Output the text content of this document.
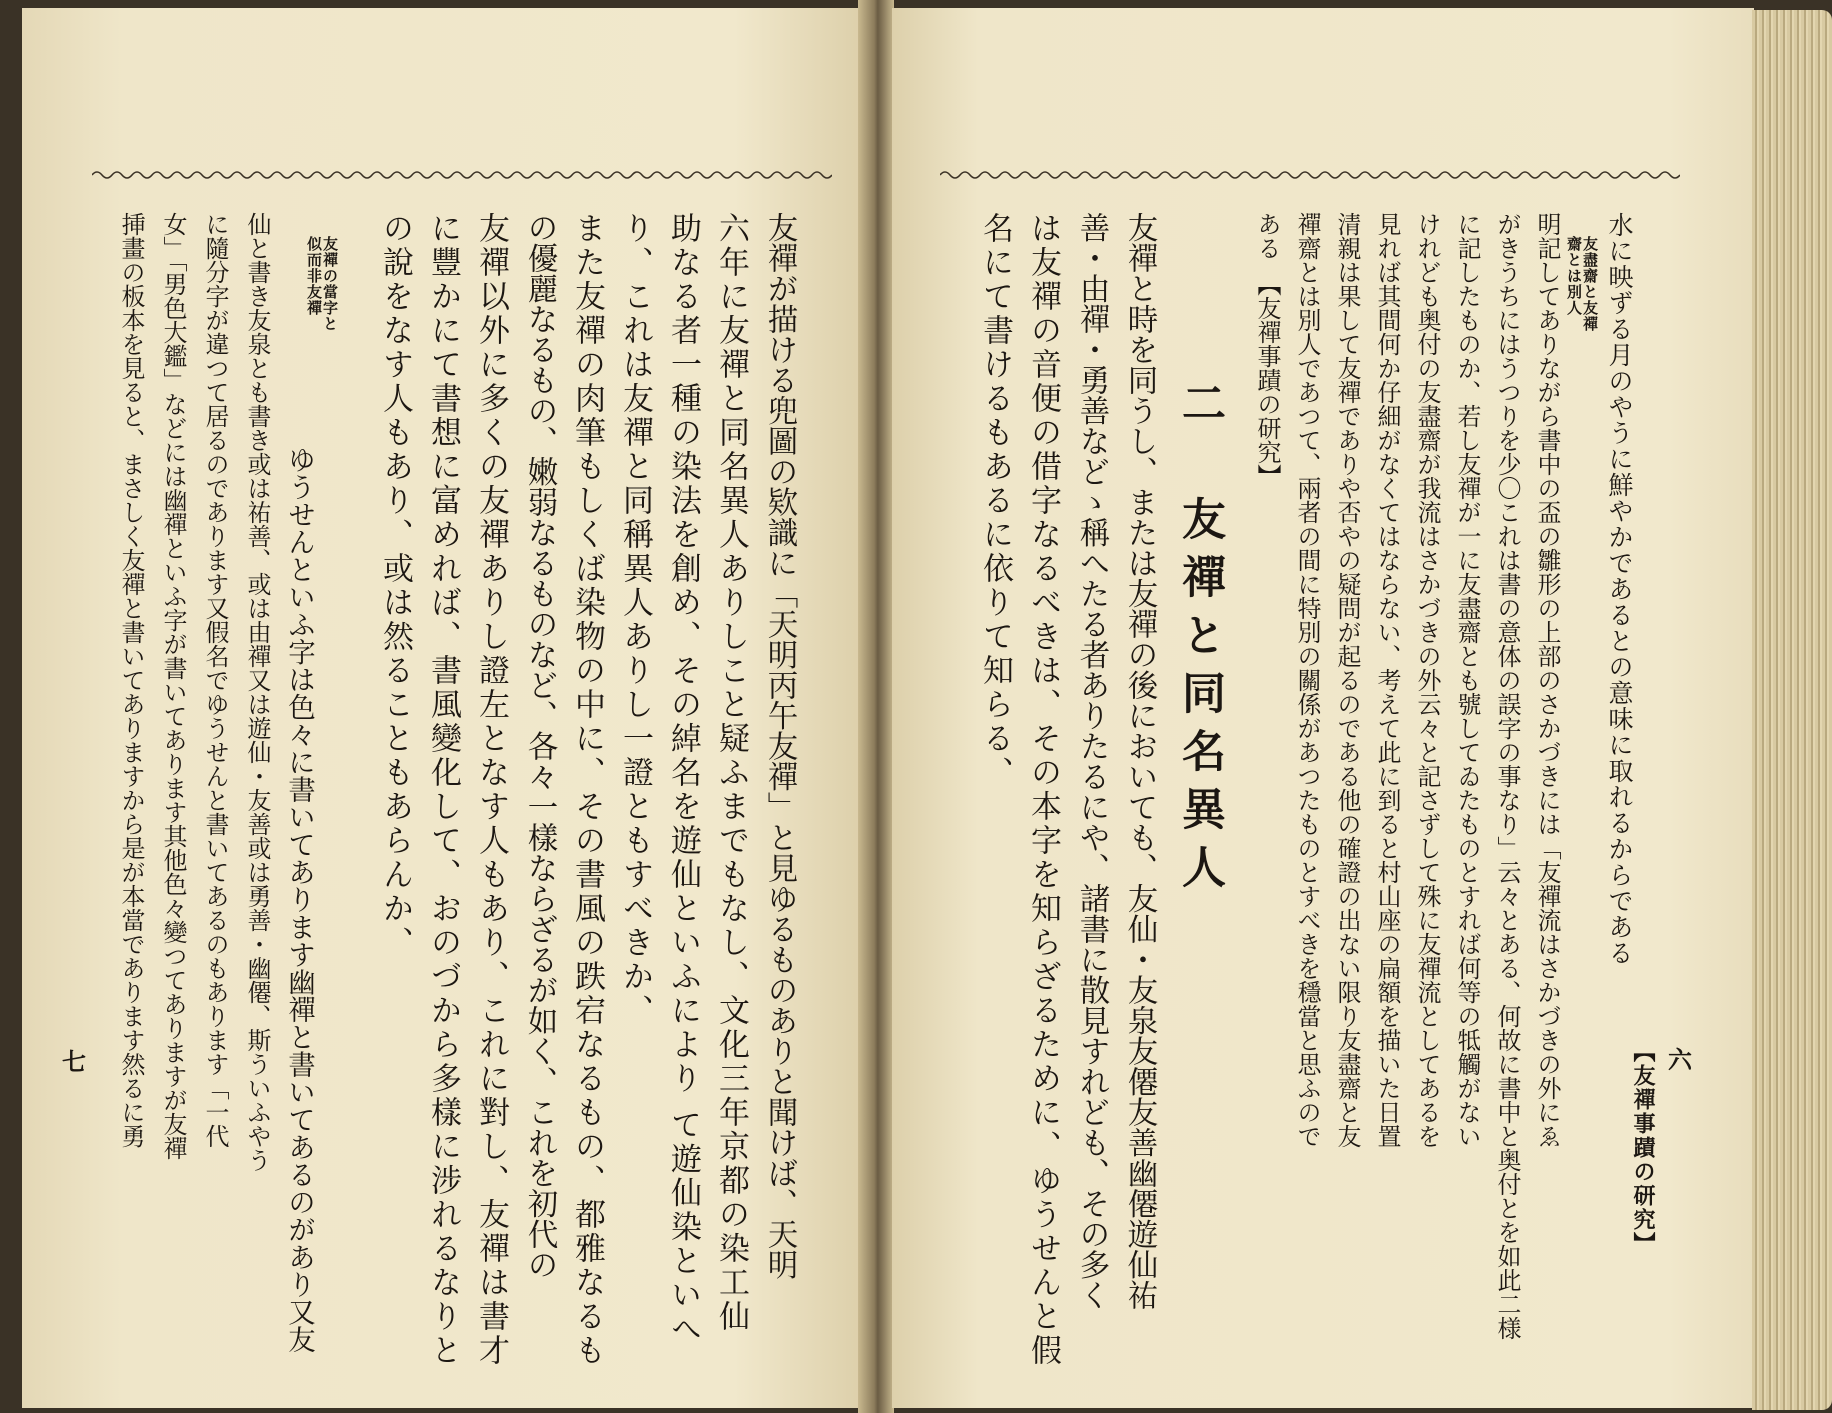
友禪が描ける兜圖の欵識に「天明丙午友禪」と見ゆるものありと聞けば、天明
六年に友禪と同名異人ありしこと疑ふまでもなし、文化三年京都の染工仙
助なる者一種の染法を創め、その綽名を遊仙といふにより て遊仙染といへ
り、これは友禪と同稱異人ありし一證ともすべきか、
また友禪の肉筆もしくば染物の中に、その書風の跌宕なるもの、都雅なるも
の優麗なるもの、嫩弱なるものなど、各々一樣ならざるが如く、これを初代の
友禪以外に多くの友禪ありし證左となす人もあり、これに對し、友禪は書才
に豐かにて書想に富めれば、書風變化して、おのづから多樣に涉れるなりと
の說をなす人もあり、或は然ることもあらんか、
友禪の當字と似而非友禪
　ゆうせんといふ字は色々に書いてあります幽禪と書いてあるのがあり又友
仙と書き友泉とも書き或は祐善、或は由禪又は遊仙・友善或は勇善・幽僊、斯ういふやう
に隨分字が違つて居るのであります又假名でゆうせんと書いてあるのもあります「一代
女」「男色大鑑」などには幽禪といふ字が書いてあります其他色々變つてありますが友禪
挿畫の板本を見ると、まさしく友禪と書いてありますから是が本當であります然るに勇
七	六
【友禪事蹟の研究】
水に映ずる月のやうに鮮やかであるとの意味に取れるからである
友盡齋と友禪齋とは別人
明記してありながら書中の盃の雛形の上部のさかづきには「友禪流はさかづきの外にゑ
がきうちにはうつりを少〇これは書の意体の誤字の事なり」云々とある、何故に書中と奥付とを如此二様
に記したものか、若し友禪が一に友盡齋とも號してゐたものとすれば何等の牴觸がない
けれども奥付の友盡齋が我流はさかづきの外云々と記さずして殊に友禪流としてあるを
見れば其間何か仔細がなくてはならない、考えて此に到ると村山座の扁額を描いた日置
清親は果して友禪でありや否やの疑問が起るのである他の確證の出ない限り友盡齋と友
禪齋とは別人であつて、兩者の間に特別の關係があつたものとすべきを穩當と思ふので
ある　【友禪事蹟の研究】
二　友禪と同名異人
友禪と時を同うし、または友禪の後においても、友仙・友泉友僊友善幽僊遊仙祐
善・由禪・勇善などゝ稱へたる者ありたるにや、諸書に散見すれども、その多く
は友禪の音便の借字なるべきは、その本字を知らざるために、ゆうせんと假
名にて書けるもあるに依りて知らる、
